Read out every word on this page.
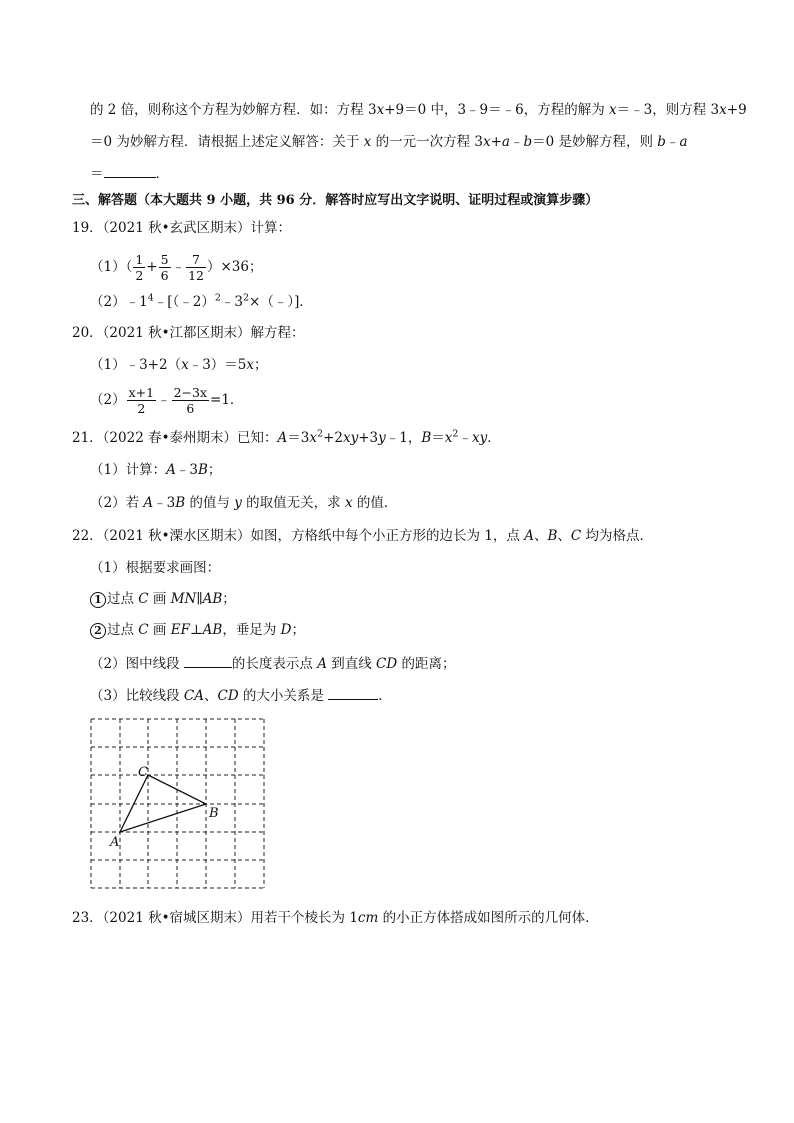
的 2 倍，则称这个方程为妙解方程．如：方程 3x+9＝0 中，3﹣9＝﹣6，方程的解为 x＝﹣3，则方程 3x+9
＝0 为妙解方程．请根据上述定义解答：关于 x 的一元一次方程 3x+a﹣b＝0 是妙解方程，则 b﹣a
＝	．
三、解答题（本大题共 9 小题，共 96 分．解答时应写出文字说明、证明过程或演算步骤）
19．（2021 秋•玄武区期末）计算：
$(1)( \frac{1}{2} + \frac{5}{6}$ ﹣ $\frac{7}{12} )\times 36$；
$(2)﹣1^4﹣[(﹣2)^2﹣3^2\times(﹣)]$．
20．（2021 秋•江都区期末）解方程：
（1）﹣3+2（x﹣3）＝5x；
$(2) \frac{x+1}{2}$ ﹣ $\frac{2-3x}{6} =1$．
21．（2022 春•泰州期末）已知：$A=3x^2+2xy+3y﹣1$，$B=x^2﹣xy$．
（1）计算：A﹣3B；
（2）若 A﹣3B 的值与 y 的取值无关，求 x 的值．
22．（2021 秋•溧水区期末）如图，方格纸中每个小正方形的边长为 1，点 A、B、C 均为格点．
（1）根据要求画图：
1 过点 C 画 MN∥AB；
2 过点 C 画 EF⊥AB，垂足为 D；
（2）图中线段	的长度表示点 A 到直线 CD 的距离；
（3）比较线段 CA、CD 的大小关系是	．
A
B
C
23．（2021 秋•宿城区期末）用若干个棱长为 1cm 的小正方体搭成如图所示的几何体．
